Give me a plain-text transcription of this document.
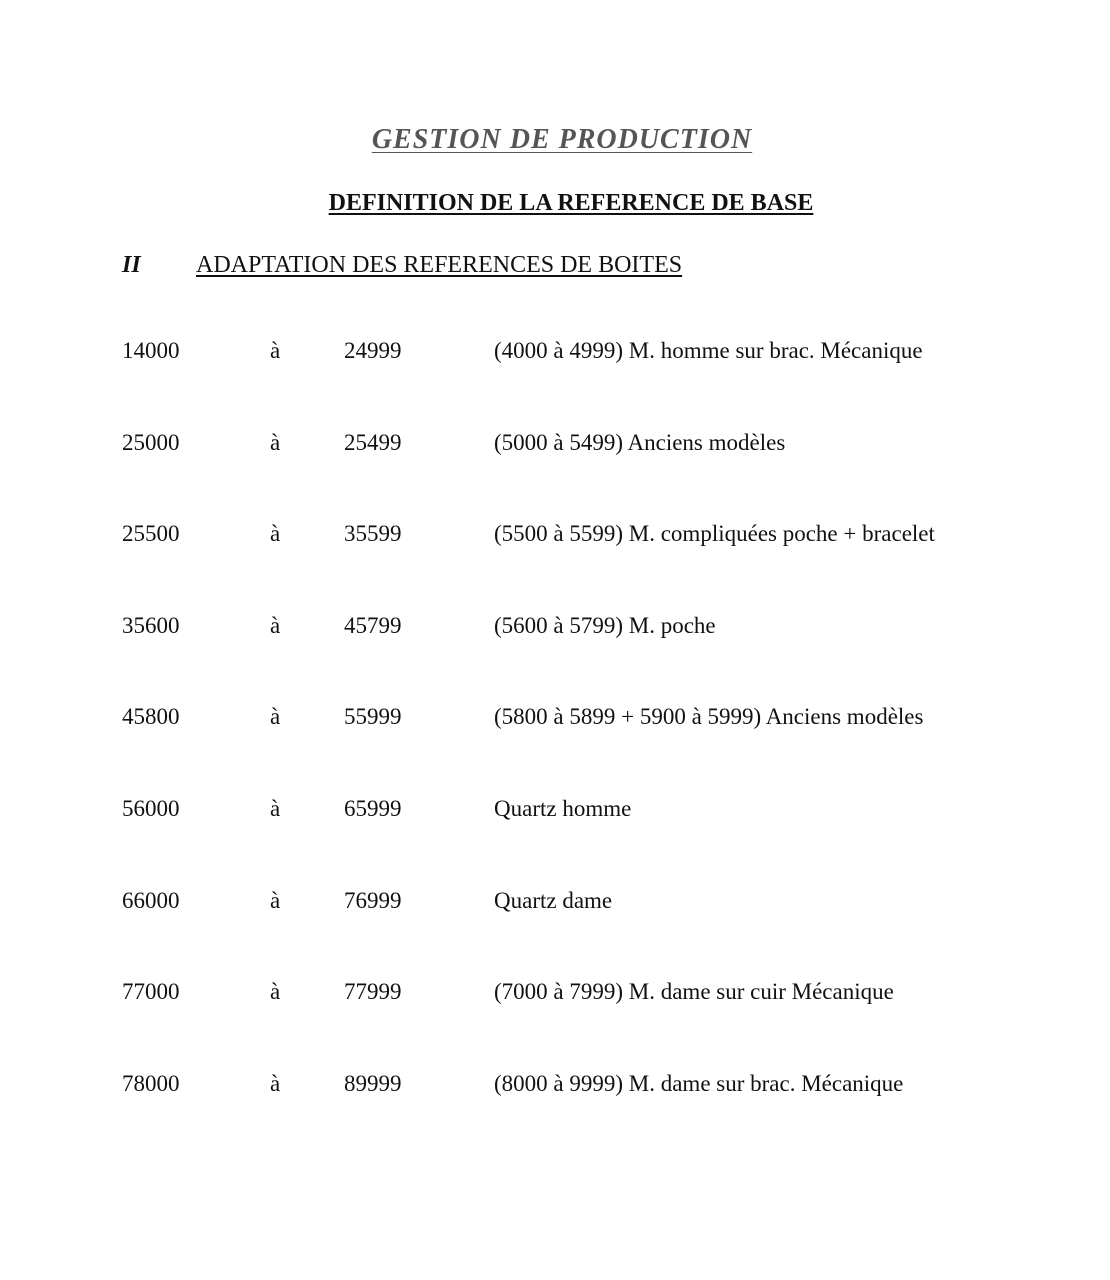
GESTION DE PRODUCTION
DEFINITION DE LA REFERENCE DE BASE
II ADAPTATION DES REFERENCES DE BOITES
14000	à	24999	(4000 à 4999) M. homme sur brac. Mécanique
25000	à	25499	(5000 à 5499) Anciens modèles
25500	à	35599	(5500 à 5599) M. compliquées poche + bracelet
35600	à	45799	(5600 à 5799) M. poche
45800	à	55999	(5800 à 5899 + 5900 à 5999) Anciens modèles
56000	à	65999	Quartz homme
66000	à	76999	Quartz dame
77000	à	77999	(7000 à 7999) M. dame sur cuir Mécanique
78000	à	89999	(8000 à 9999) M. dame sur brac. Mécanique
